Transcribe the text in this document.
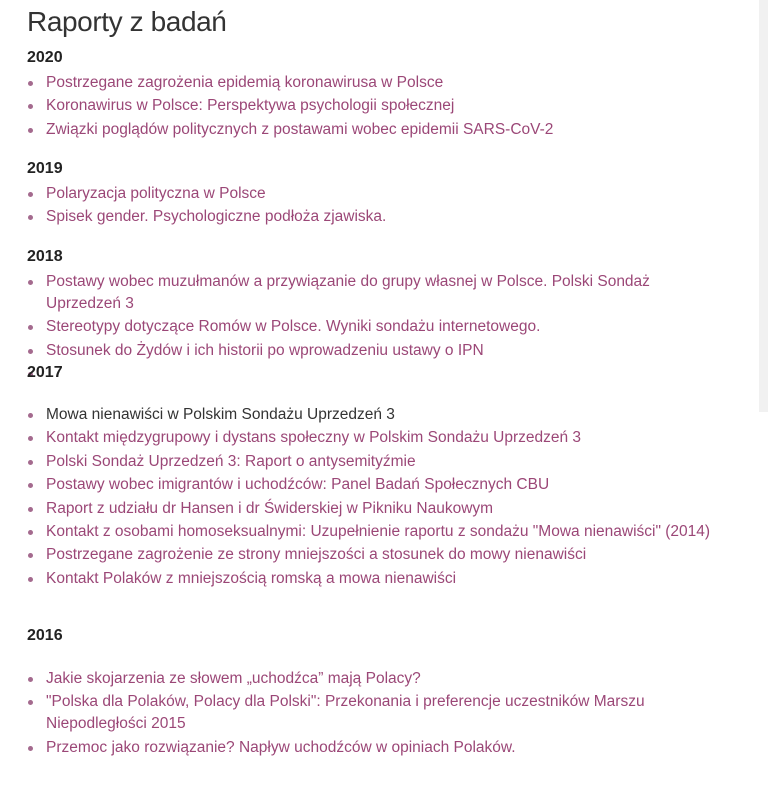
Raporty z badań
2020
Postrzegane zagrożenia epidemią koronawirusa w Polsce
Koronawirus w Polsce: Perspektywa psychologii społecznej
Związki poglądów politycznych z postawami wobec epidemii SARS-CoV-2
2019
Polaryzacja polityczna w Polsce
Spisek gender. Psychologiczne podłoża zjawiska.
2018
Postawy wobec muzułmanów a przywiązanie do grupy własnej w Polsce. Polski Sondaż Uprzedzeń 3
Stereotypy dotyczące Romów w Polsce. Wyniki sondażu internetowego.
Stosunek do Żydów i ich historii po wprowadzeniu ustawy o IPN
2017
Mowa nienawiści w Polskim Sondażu Uprzedzeń 3
Kontakt międzygrupowy i dystans społeczny w Polskim Sondażu Uprzedzeń 3
Polski Sondaż Uprzedzeń 3: Raport o antysemityźmie
Postawy wobec imigrantów i uchodźców: Panel Badań Społecznych CBU
Raport z udziału dr Hansen i dr Świderskiej w Pikniku Naukowym
Kontakt z osobami homoseksualnymi: Uzupełnienie raportu z sondażu "Mowa nienawiści" (2014)
Postrzegane zagrożenie ze strony mniejszości a stosunek do mowy nienawiści
Kontakt Polaków z mniejszością romską a mowa nienawiści
2016
Jakie skojarzenia ze słowem „uchodźca” mają Polacy?
"Polska dla Polaków, Polacy dla Polski": Przekonania i preferencje uczestników Marszu Niepodległości 2015
Przemoc jako rozwiązanie? Napływ uchodźców w opiniach Polaków.
